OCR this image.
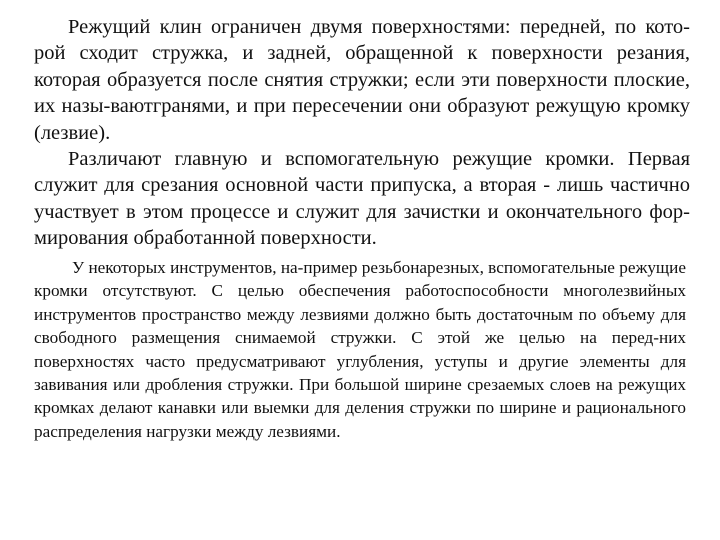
Режущий клин ограничен двумя поверхностями: передней, по кото-рой сходит стружка, и задней, обращенной к поверхности резания, которая образуется после снятия стружки; если эти поверхности плоские, их назы-ваютгранями, и при пересечении они образуют режущую кромку (лезвие).

Различают главную и вспомогательную режущие кромки. Первая служит для срезания основной части припуска, а вторая - лишь частично участвует в этом процессе и служит для зачистки и окончательного фор-мирования обработанной поверхности.

У некоторых инструментов, на-пример резьбонарезных, вспомогательные режущие кромки отсутствуют. С целью обеспечения работоспособности многолезвийных инструментов пространство между лезвиями должно быть достаточным по объему для свободного размещения снимаемой стружки. С этой же целью на перед-них поверхностях часто предусматривают углубления, уступы и другие элементы для завивания или дробления стружки. При большой ширине срезаемых слоев на режущих кромках делают канавки или выемки для деления стружки по ширине и рационального распределения нагрузки между лезвиями.
